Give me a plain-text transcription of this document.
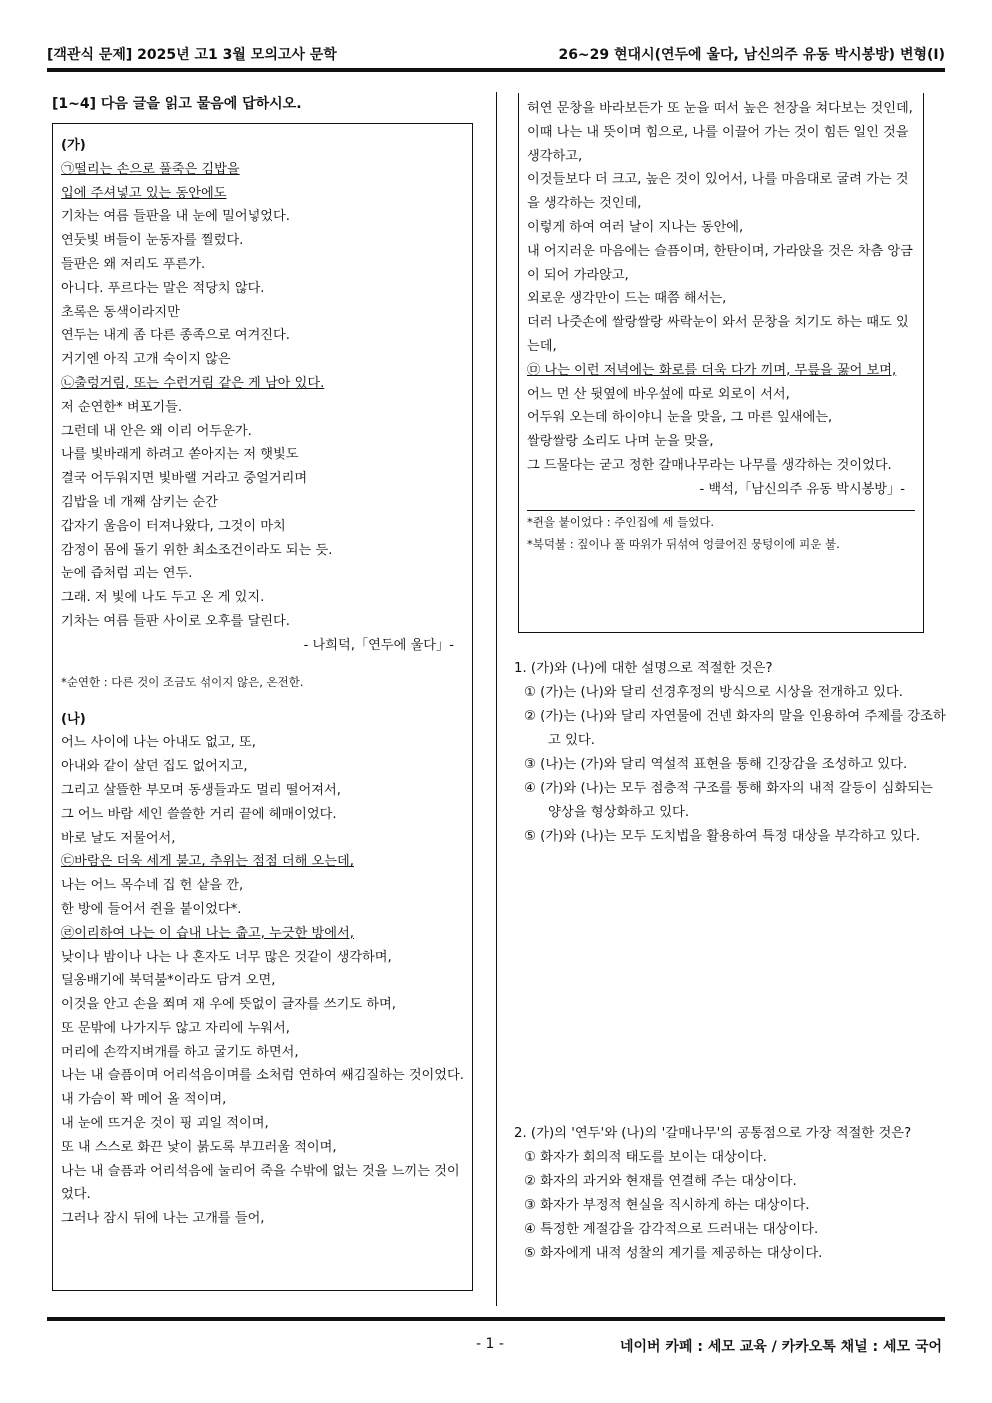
[객관식 문제] 2025년 고1 3월 모의고사 문학	26~29 현대시(연두에 울다, 남신의주 유동 박시봉방) 변형(I)
[1~4] 다음 글을 읽고 물음에 답하시오.

(가)

㉠떨리는 손으로 풀죽은 김밥을

입에 주셔넣고 있는 동안에도

기차는 여름 들판을 내 눈에 밀어넣었다.

연둣빛 벼들이 눈동자를 찔렀다.

들판은 왜 저리도 푸른가.

아니다. 푸르다는 말은 적당치 않다.

초록은 동색이라지만

연두는 내게 좀 다른 종족으로 여겨진다.

거기엔 아직 고개 숙이지 않은

㉡출렁거림, 또는 수런거림 같은 게 남아 있다.

저 순연한* 벼포기들.

그런데 내 안은 왜 이리 어두운가.

나를 빛바래게 하려고 쏟아지는 저 햇빛도

결국 어두워지면 빛바랠 거라고 중얼거리며

김밥을 네 개째 삼키는 순간

갑자기 울음이 터져나왔다, 그것이 마치

감정이 몸에 돌기 위한 최소조건이라도 되는 듯.

눈에 즙처럼 괴는 연두.

그래. 저 빛에 나도 두고 온 게 있지.

기차는 여름 들판 사이로 오후를 달린다.

- 나희덕,「연두에 울다」-

*순연한 : 다른 것이 조금도 섞이지 않은, 온전한.

(나)

어느 사이에 나는 아내도 없고, 또,

아내와 같이 살던 집도 없어지고,

그리고 살뜰한 부모며 동생들과도 멀리 떨어져서,

그 어느 바람 세인 쓸쓸한 거리 끝에 헤매이었다.

바로 날도 저물어서,

㉢바람은 더욱 세게 불고, 추위는 점점 더해 오는데,

나는 어느 목수네 집 헌 샅을 깐,

한 방에 들어서 쥔을 붙이었다*.

㉣이리하여 나는 이 습내 나는 춥고, 누긋한 방에서,

낮이나 밤이나 나는 나 혼자도 너무 많은 것같이 생각하며,

딜옹배기에 북덕불*이라도 담겨 오면,

이것을 안고 손을 쬐며 재 우에 뜻없이 글자를 쓰기도 하며,

또 문밖에 나가지두 않고 자리에 누워서,

머리에 손깍지벼개를 하고 굴기도 하면서,

나는 내 슬픔이며 어리석음이며를 소처럼 연하여 쌔김질하는 것이었다.

내 가슴이 꽉 메어 올 적이며,

내 눈에 뜨거운 것이 핑 괴일 적이며,

또 내 스스로 화끈 낯이 붉도록 부끄러울 적이며,

나는 내 슬픔과 어리석음에 눌리어 죽을 수밖에 없는 것을 느끼는 것이었다.

그러나 잠시 뒤에 나는 고개를 들어,

허연 문창을 바라보든가 또 눈을 떠서 높은 천장을 쳐다보는 것인데,

이때 나는 내 뜻이며 힘으로, 나를 이끌어 가는 것이 힘든 일인 것을 생각하고,

이것들보다 더 크고, 높은 것이 있어서, 나를 마음대로 굴려 가는 것을 생각하는 것인데,

이렇게 하여 여러 날이 지나는 동안에,

내 어지러운 마음에는 슬픔이며, 한탄이며, 가라앉을 것은 차츰 앙금이 되어 가라앉고,

외로운 생각만이 드는 때쯤 해서는,

더러 나줏손에 쌀랑쌀랑 싸락눈이 와서 문창을 치기도 하는 때도 있는데,

㉤ 나는 이런 저녁에는 화로를 더욱 다가 끼며, 무릎을 꿇어 보며,

어느 먼 산 뒷옆에 바우섶에 따로 외로이 서서,

어두워 오는데 하이야니 눈을 맞을, 그 마른 잎새에는,

쌀랑쌀랑 소리도 나며 눈을 맞을,

그 드물다는 굳고 정한 갈매나무라는 나무를 생각하는 것이었다.

- 백석,「남신의주 유동 박시봉방」-

*쥔을 붙이었다 : 주인집에 세 들었다.

*북덕불 : 짚이나 풀 따위가 뒤섞여 엉클어진 뭉텅이에 피운 불.

1. (가)와 (나)에 대한 설명으로 적절한 것은?

① (가)는 (나)와 달리 선경후정의 방식으로 시상을 전개하고 있다.

② (가)는 (나)와 달리 자연물에 건넨 화자의 말을 인용하여 주제를 강조하고 있다.

③ (나)는 (가)와 달리 역설적 표현을 통해 긴장감을 조성하고 있다.

④ (가)와 (나)는 모두 점층적 구조를 통해 화자의 내적 갈등이 심화되는 양상을 형상화하고 있다.

⑤ (가)와 (나)는 모두 도치법을 활용하여 특정 대상을 부각하고 있다.

2. (가)의 '연두'와 (나)의 '갈매나무'의 공통점으로 가장 적절한 것은?

① 화자가 회의적 태도를 보이는 대상이다.

② 화자의 과거와 현재를 연결해 주는 대상이다.

③ 화자가 부정적 현실을 직시하게 하는 대상이다.

④ 특정한 계절감을 감각적으로 드러내는 대상이다.

⑤ 화자에게 내적 성찰의 계기를 제공하는 대상이다.

- 1 -	네이버 카페 : 세모 교육 / 카카오톡 채널 : 세모 국어
